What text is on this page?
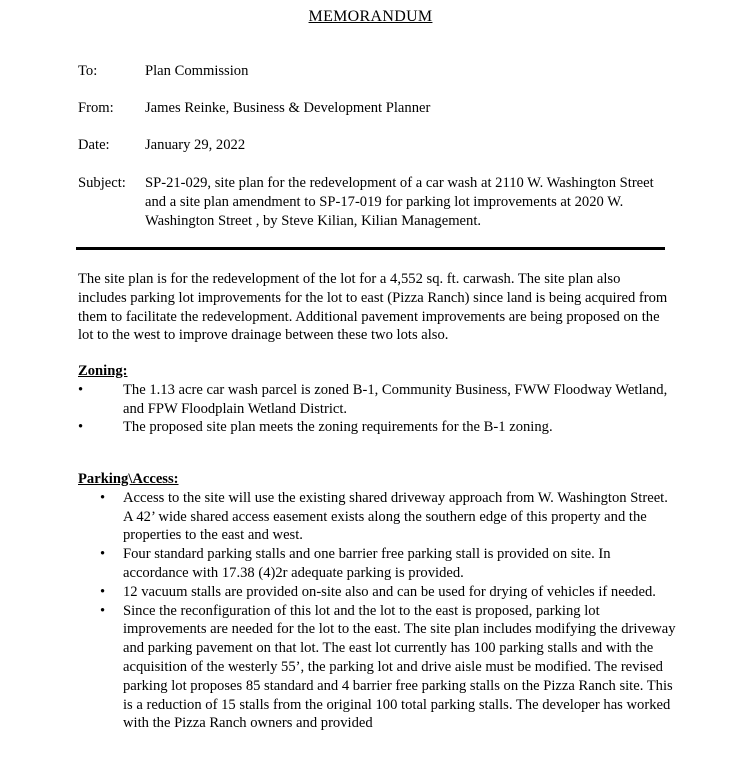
MEMORANDUM
To:	Plan Commission
From: James Reinke, Business & Development Planner
Date: January 29, 2022
Subject: SP-21-029, site plan for the redevelopment of a car wash at 2110 W. Washington Street and a site plan amendment to SP-17-019 for parking lot improvements at 2020 W. Washington Street , by Steve Kilian, Kilian Management.

The site plan is for the redevelopment of the lot for a 4,552 sq. ft. carwash. The site plan also includes parking lot improvements for the lot to east (Pizza Ranch) since land is being acquired from them to facilitate the redevelopment. Additional pavement improvements are being proposed on the lot to the west to improve drainage between these two lots also.

Zoning:
•	The 1.13 acre car wash parcel is zoned B-1, Community Business, FWW Floodway Wetland, and FPW Floodplain Wetland District.
•	The proposed site plan meets the zoning requirements for the B-1 zoning.
Parking\Access:
• Access to the site will use the existing shared driveway approach from W. Washington Street. A 42’ wide shared access easement exists along the southern edge of this property and the properties to the east and west.
• Four standard parking stalls and one barrier free parking stall is provided on site. In accordance with 17.38 (4)2r adequate parking is provided.
• 12 vacuum stalls are provided on-site also and can be used for drying of vehicles if needed.
• Since the reconfiguration of this lot and the lot to the east is proposed, parking lot improvements are needed for the lot to the east. The site plan includes modifying the driveway and parking pavement on that lot. The east lot currently has 100 parking stalls and with the acquisition of the westerly 55’, the parking lot and drive aisle must be modified. The revised parking lot proposes 85 standard and 4 barrier free parking stalls on the Pizza Ranch site. This is a reduction of 15 stalls from the original 100 total parking stalls. The developer has worked with the Pizza Ranch owners and provided
